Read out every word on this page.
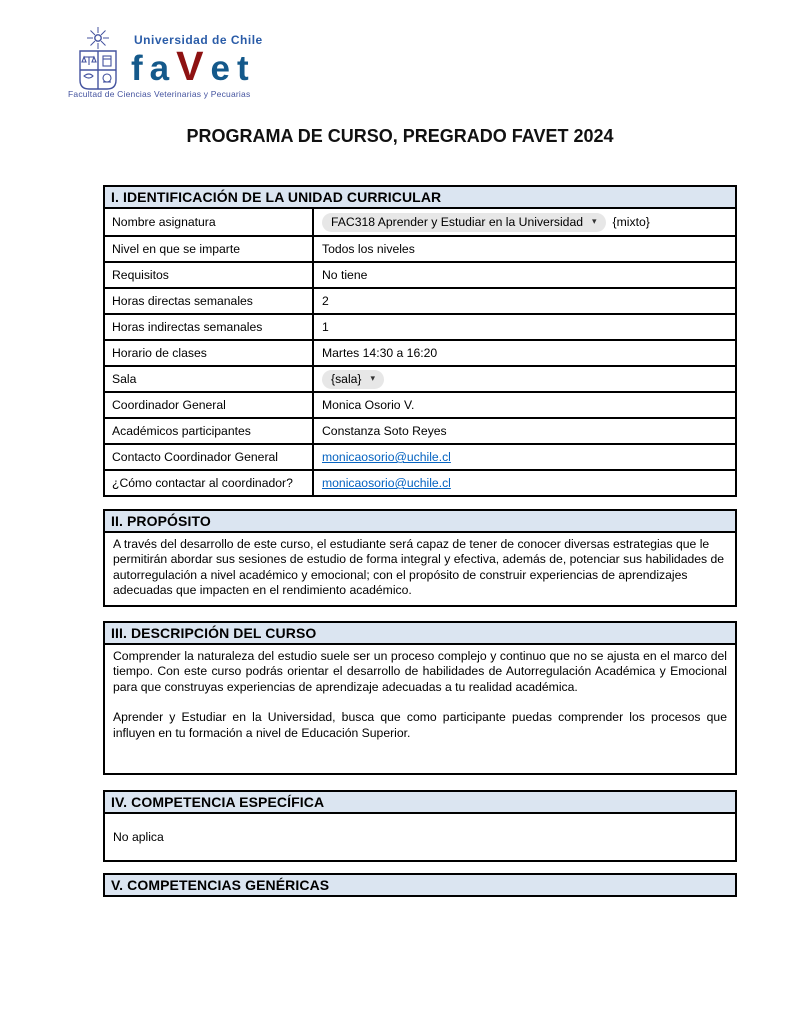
Universidad de Chile
faVet
Facultad de Ciencias Veterinarias y Pecuarias
PROGRAMA DE CURSO, PREGRADO FAVET 2024
I. IDENTIFICACIÓN DE LA UNIDAD CURRICULAR
Nombre asignatura	FAC318 Aprender y Estudiar en la Universidad ▾ {mixto}
Nivel en que se imparte	Todos los niveles
Requisitos	No tiene
Horas directas semanales	2
Horas indirectas semanales	1
Horario de clases	Martes 14:30 a 16:20
Sala	{sala} ▾
Coordinador General	Monica Osorio V.
Académicos participantes	Constanza Soto Reyes
Contacto Coordinador General	monicaosorio@uchile.cl
¿Cómo contactar al coordinador?	monicaosorio@uchile.cl
II. PROPÓSITO

A través del desarrollo de este curso, el estudiante será capaz de tener de conocer diversas estrategias que le permitirán abordar sus sesiones de estudio de forma integral y efectiva, además de, potenciar sus habilidades de autorregulación a nivel académico y emocional; con el propósito de construir experiencias de aprendizajes adecuadas que impacten en el rendimiento académico.

III. DESCRIPCIÓN DEL CURSO

Comprender la naturaleza del estudio suele ser un proceso complejo y continuo que no se ajusta en el marco del tiempo. Con este curso podrás orientar el desarrollo de habilidades de Autorregulación Académica y Emocional para que construyas experiencias de aprendizaje adecuadas a tu realidad académica.

Aprender y Estudiar en la Universidad, busca que como participante puedas comprender los procesos que influyen en tu formación a nivel de Educación Superior.

IV. COMPETENCIA ESPECÍFICA

No aplica

V. COMPETENCIAS GENÉRICAS
